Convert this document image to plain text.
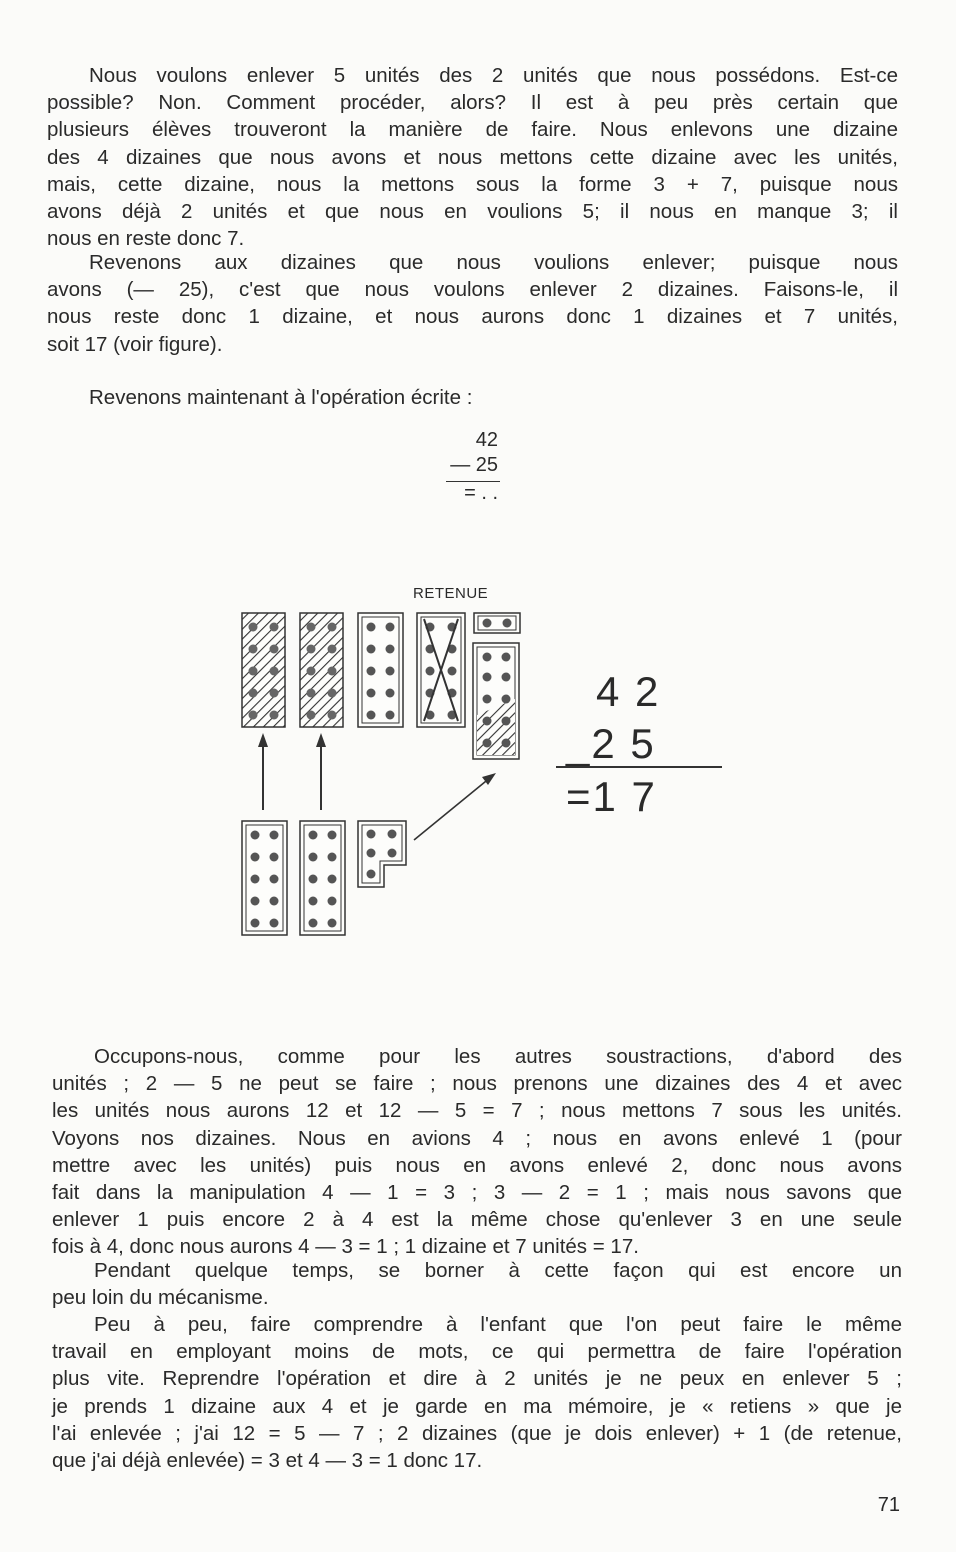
Nous voulons enlever 5 unités des 2 unités que nous possédons. Est-ce
possible? Non. Comment procéder, alors? Il est à peu près certain que
plusieurs élèves trouveront la manière de faire. Nous enlevons une dizaine
des 4 dizaines que nous avons et nous mettons cette dizaine avec les unités,
mais, cette dizaine, nous la mettons sous la forme 3 + 7, puisque nous
avons déjà 2 unités et que nous en voulions 5; il nous en manque 3; il
nous en reste donc 7.
Revenons aux dizaines que nous voulions enlever; puisque nous
avons (— 25), c'est que nous voulons enlever 2 dizaines. Faisons-le, il
nous reste donc 1 dizaine, et nous aurons donc 1 dizaines et 7 unités,
soit 17 (voir figure).
Revenons maintenant à l'opération écrite :
42
— 25
= . .
RETENUE
4 2
_2 5
=1 7
Occupons-nous, comme pour les autres soustractions, d'abord des
unités ; 2 — 5 ne peut se faire ; nous prenons une dizaines des 4 et avec
les unités nous aurons 12 et 12 — 5 = 7 ; nous mettons 7 sous les unités.
Voyons nos dizaines. Nous en avions 4 ; nous en avons enlevé 1 (pour
mettre avec les unités) puis nous en avons enlevé 2, donc nous avons
fait dans la manipulation 4 — 1 = 3 ; 3 — 2 = 1 ; mais nous savons que
enlever 1 puis encore 2 à 4 est la même chose qu'enlever 3 en une seule
fois à 4, donc nous aurons 4 — 3 = 1 ; 1 dizaine et 7 unités = 17.
Pendant quelque temps, se borner à cette façon qui est encore un
peu loin du mécanisme.
Peu à peu, faire comprendre à l'enfant que l'on peut faire le même
travail en employant moins de mots, ce qui permettra de faire l'opération
plus vite. Reprendre l'opération et dire à 2 unités je ne peux en enlever 5 ;
je prends 1 dizaine aux 4 et je garde en ma mémoire, je « retiens » que je
l'ai enlevée ; j'ai 12 = 5 — 7 ; 2 dizaines (que je dois enlever) + 1 (de retenue,
que j'ai déjà enlevée) = 3 et 4 — 3 = 1 donc 17.
71
